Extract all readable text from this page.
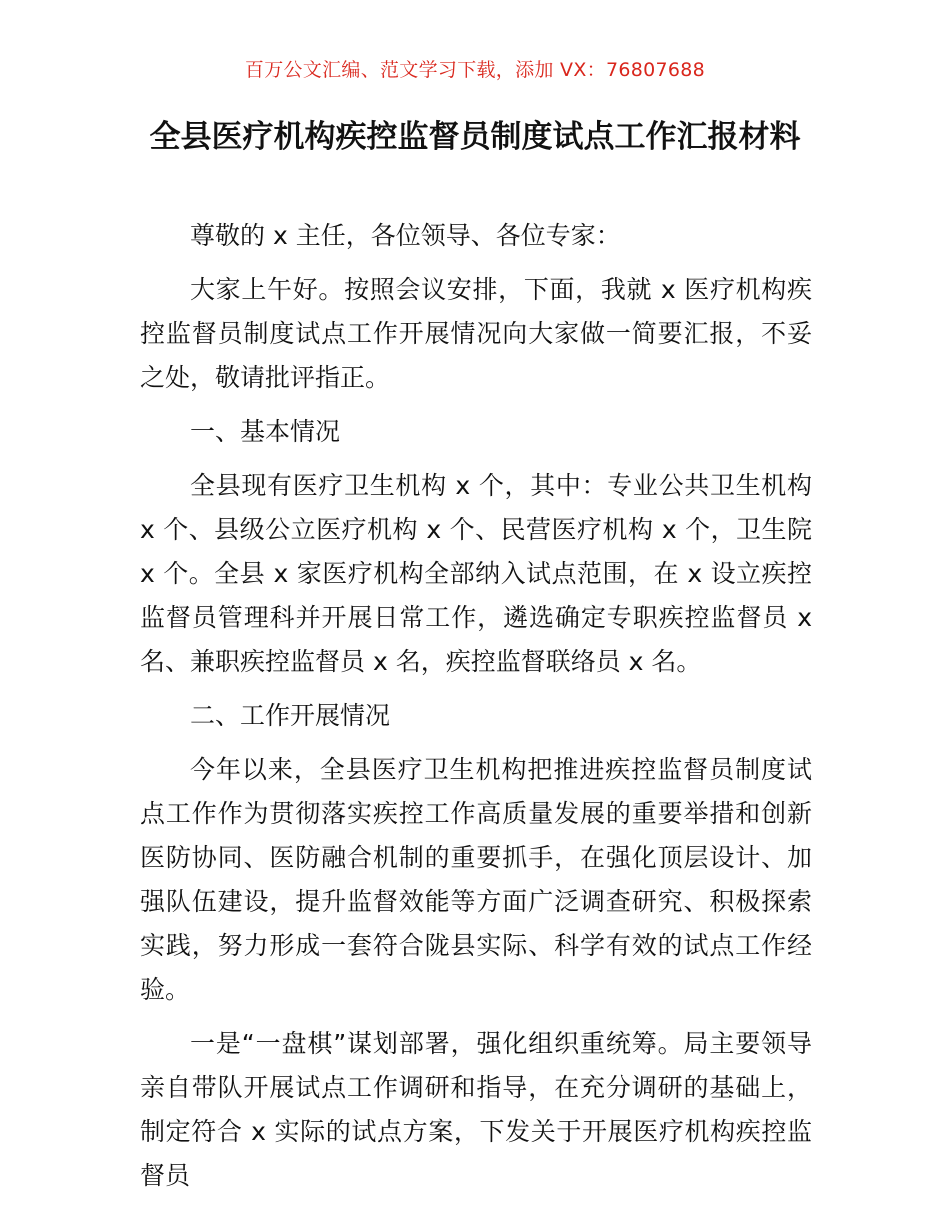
百万公文汇编、范文学习下载，添加 VX：76807688
全县医疗机构疾控监督员制度试点工作汇报材料

尊敬的 x 主任，各位领导、各位专家：

大家上午好。按照会议安排，下面，我就 x 医疗机构疾控监督员制度试点工作开展情况向大家做一简要汇报，不妥之处，敬请批评指正。

一、基本情况

全县现有医疗卫生机构 x 个，其中：专业公共卫生机构 x 个、县级公立医疗机构 x 个、民营医疗机构 x 个，卫生院 x 个。全县 x 家医疗机构全部纳入试点范围，在 x 设立疾控监督员管理科并开展日常工作，遴选确定专职疾控监督员 x 名、兼职疾控监督员 x 名，疾控监督联络员 x 名。

二、工作开展情况

今年以来，全县医疗卫生机构把推进疾控监督员制度试点工作作为贯彻落实疾控工作高质量发展的重要举措和创新医防协同、医防融合机制的重要抓手，在强化顶层设计、加强队伍建设，提升监督效能等方面广泛调查研究、积极探索实践，努力形成一套符合陇县实际、科学有效的试点工作经验。

一是“一盘棋”谋划部署，强化组织重统筹。局主要领导亲自带队开展试点工作调研和指导，在充分调研的基础上，制定符合 x 实际的试点方案，下发关于开展医疗机构疾控监督员
